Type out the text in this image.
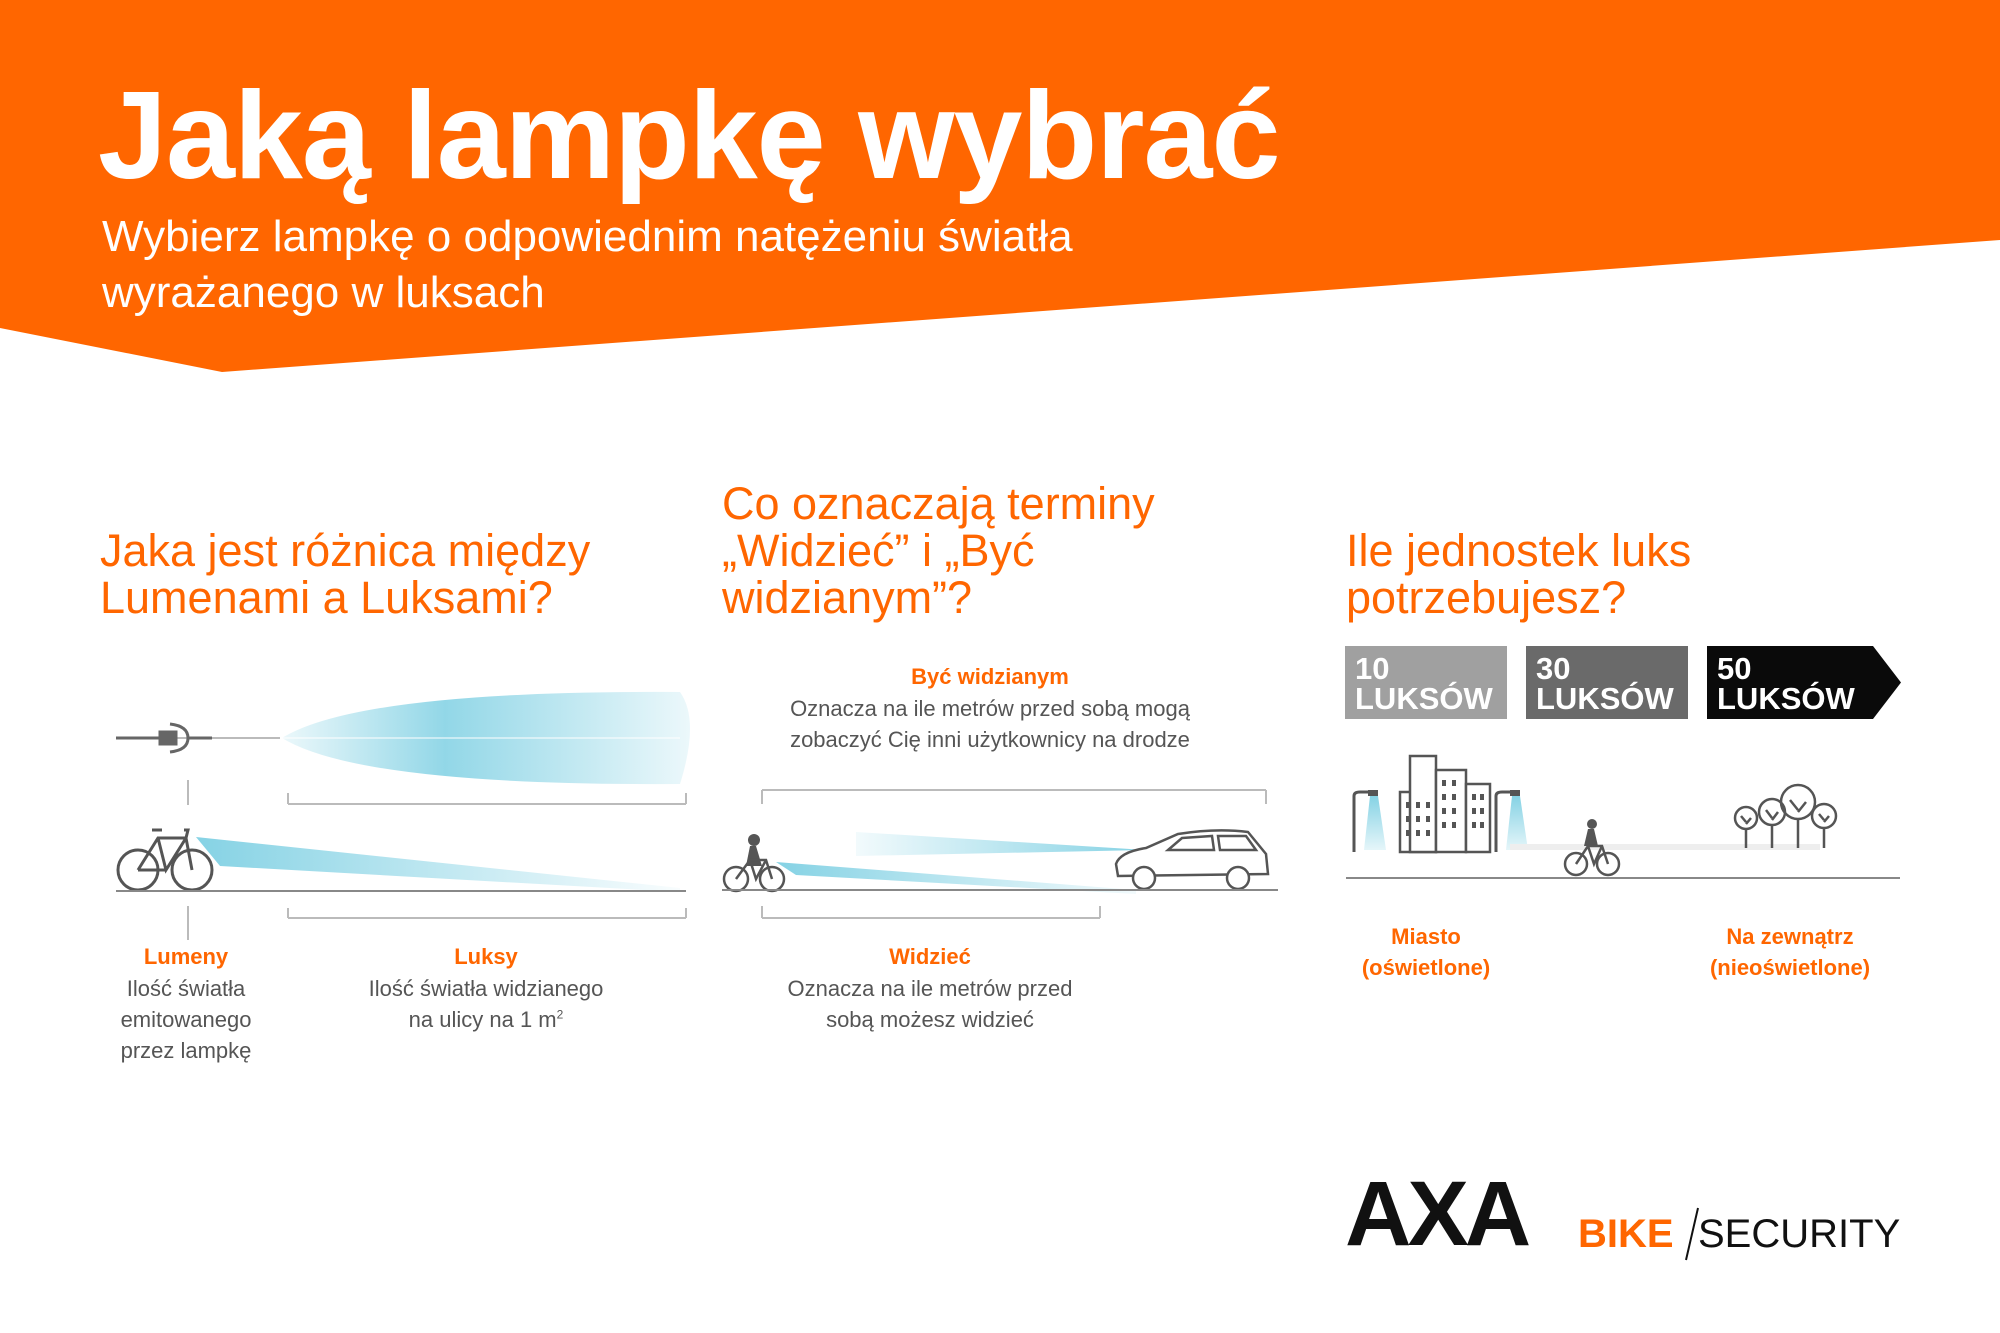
Jaką lampkę wybrać
Wybierz lampkę o odpowiednim natężeniu światła
wyrażanego w luksach
Jaka jest różnica między
Lumenami a Luksami?
Lumeny
Ilość światła
emitowanego
przez lampkę
Luksy
Ilość światła widzianego
na ulicy na 1 $m^2$
Co oznaczają terminy
„Widzieć” i „Być
widzianym”?
Być widzianym
Oznacza na ile metrów przed sobą mogą
zobaczyć Cię inni użytkownicy na drodze
Widzieć
Oznacza na ile metrów przed
sobą możesz widzieć
Ile jednostek luks
potrzebujesz?
10
LUKSÓW
30
LUKSÓW
50
LUKSÓW
Miasto
(oświetlone)
Na zewnątrz
(nieoświetlone)
AXA BIKE SECURITY
